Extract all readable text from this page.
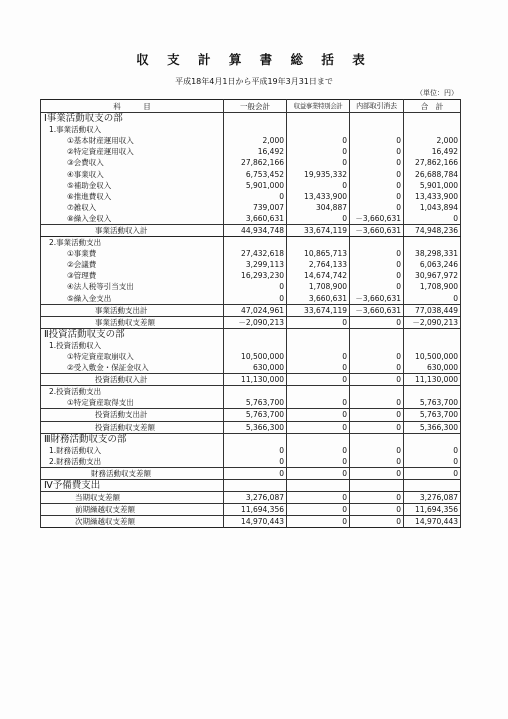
収 支 計 算 書 総 括 表
平成18年4月1日から平成19年3月31日まで
（単位：円）
科　　　目	一般会計	収益事業特別会計	内部取引消去	合　計
Ⅰ事業活動収支の部				
1.事業活動収入				
①基本財産運用収入	2,000	0	0	2,000
②特定資産運用収入	16,492	0	0	16,492
③会費収入	27,862,166	0	0	27,862,166
④事業収入	6,753,452	19,935,332	0	26,688,784
⑤補助金収入	5,901,000	0	0	5,901,000
⑥推進費収入	0	13,433,900	0	13,433,900
⑦雑収入	739,007	304,887	0	1,043,894
⑧繰入金収入	3,660,631	0	－3,660,631	0
事業活動収入計	44,934,748	33,674,119	－3,660,631	74,948,236
2.事業活動支出				
①事業費	27,432,618	10,865,713	0	38,298,331
②会議費	3,299,113	2,764,133	0	6,063,246
③管理費	16,293,230	14,674,742	0	30,967,972
④法人税等引当支出	0	1,708,900	0	1,708,900
⑤繰入金支出	0	3,660,631	－3,660,631	0
事業活動支出計	47,024,961	33,674,119	－3,660,631	77,038,449
事業活動収支差額	－2,090,213	0	0	－2,090,213
Ⅱ投資活動収支の部				
1.投資活動収入				
①特定資産取崩収入	10,500,000	0	0	10,500,000
②受入敷金・保証金収入	630,000	0	0	630,000
投資活動収入計	11,130,000	0	0	11,130,000
2.投資活動支出				
①特定資産取得支出	5,763,700	0	0	5,763,700
投資活動支出計	5,763,700	0	0	5,763,700
投資活動収支差額	5,366,300	0	0	5,366,300
Ⅲ財務活動収支の部				
1.財務活動収入	0	0	0	0
2.財務活動支出	0	0	0	0
財務活動収支差額	0	0	0	0
Ⅳ予備費支出				
当期収支差額	3,276,087	0	0	3,276,087
前期繰越収支差額	11,694,356	0	0	11,694,356
次期繰越収支差額	14,970,443	0	0	14,970,443
